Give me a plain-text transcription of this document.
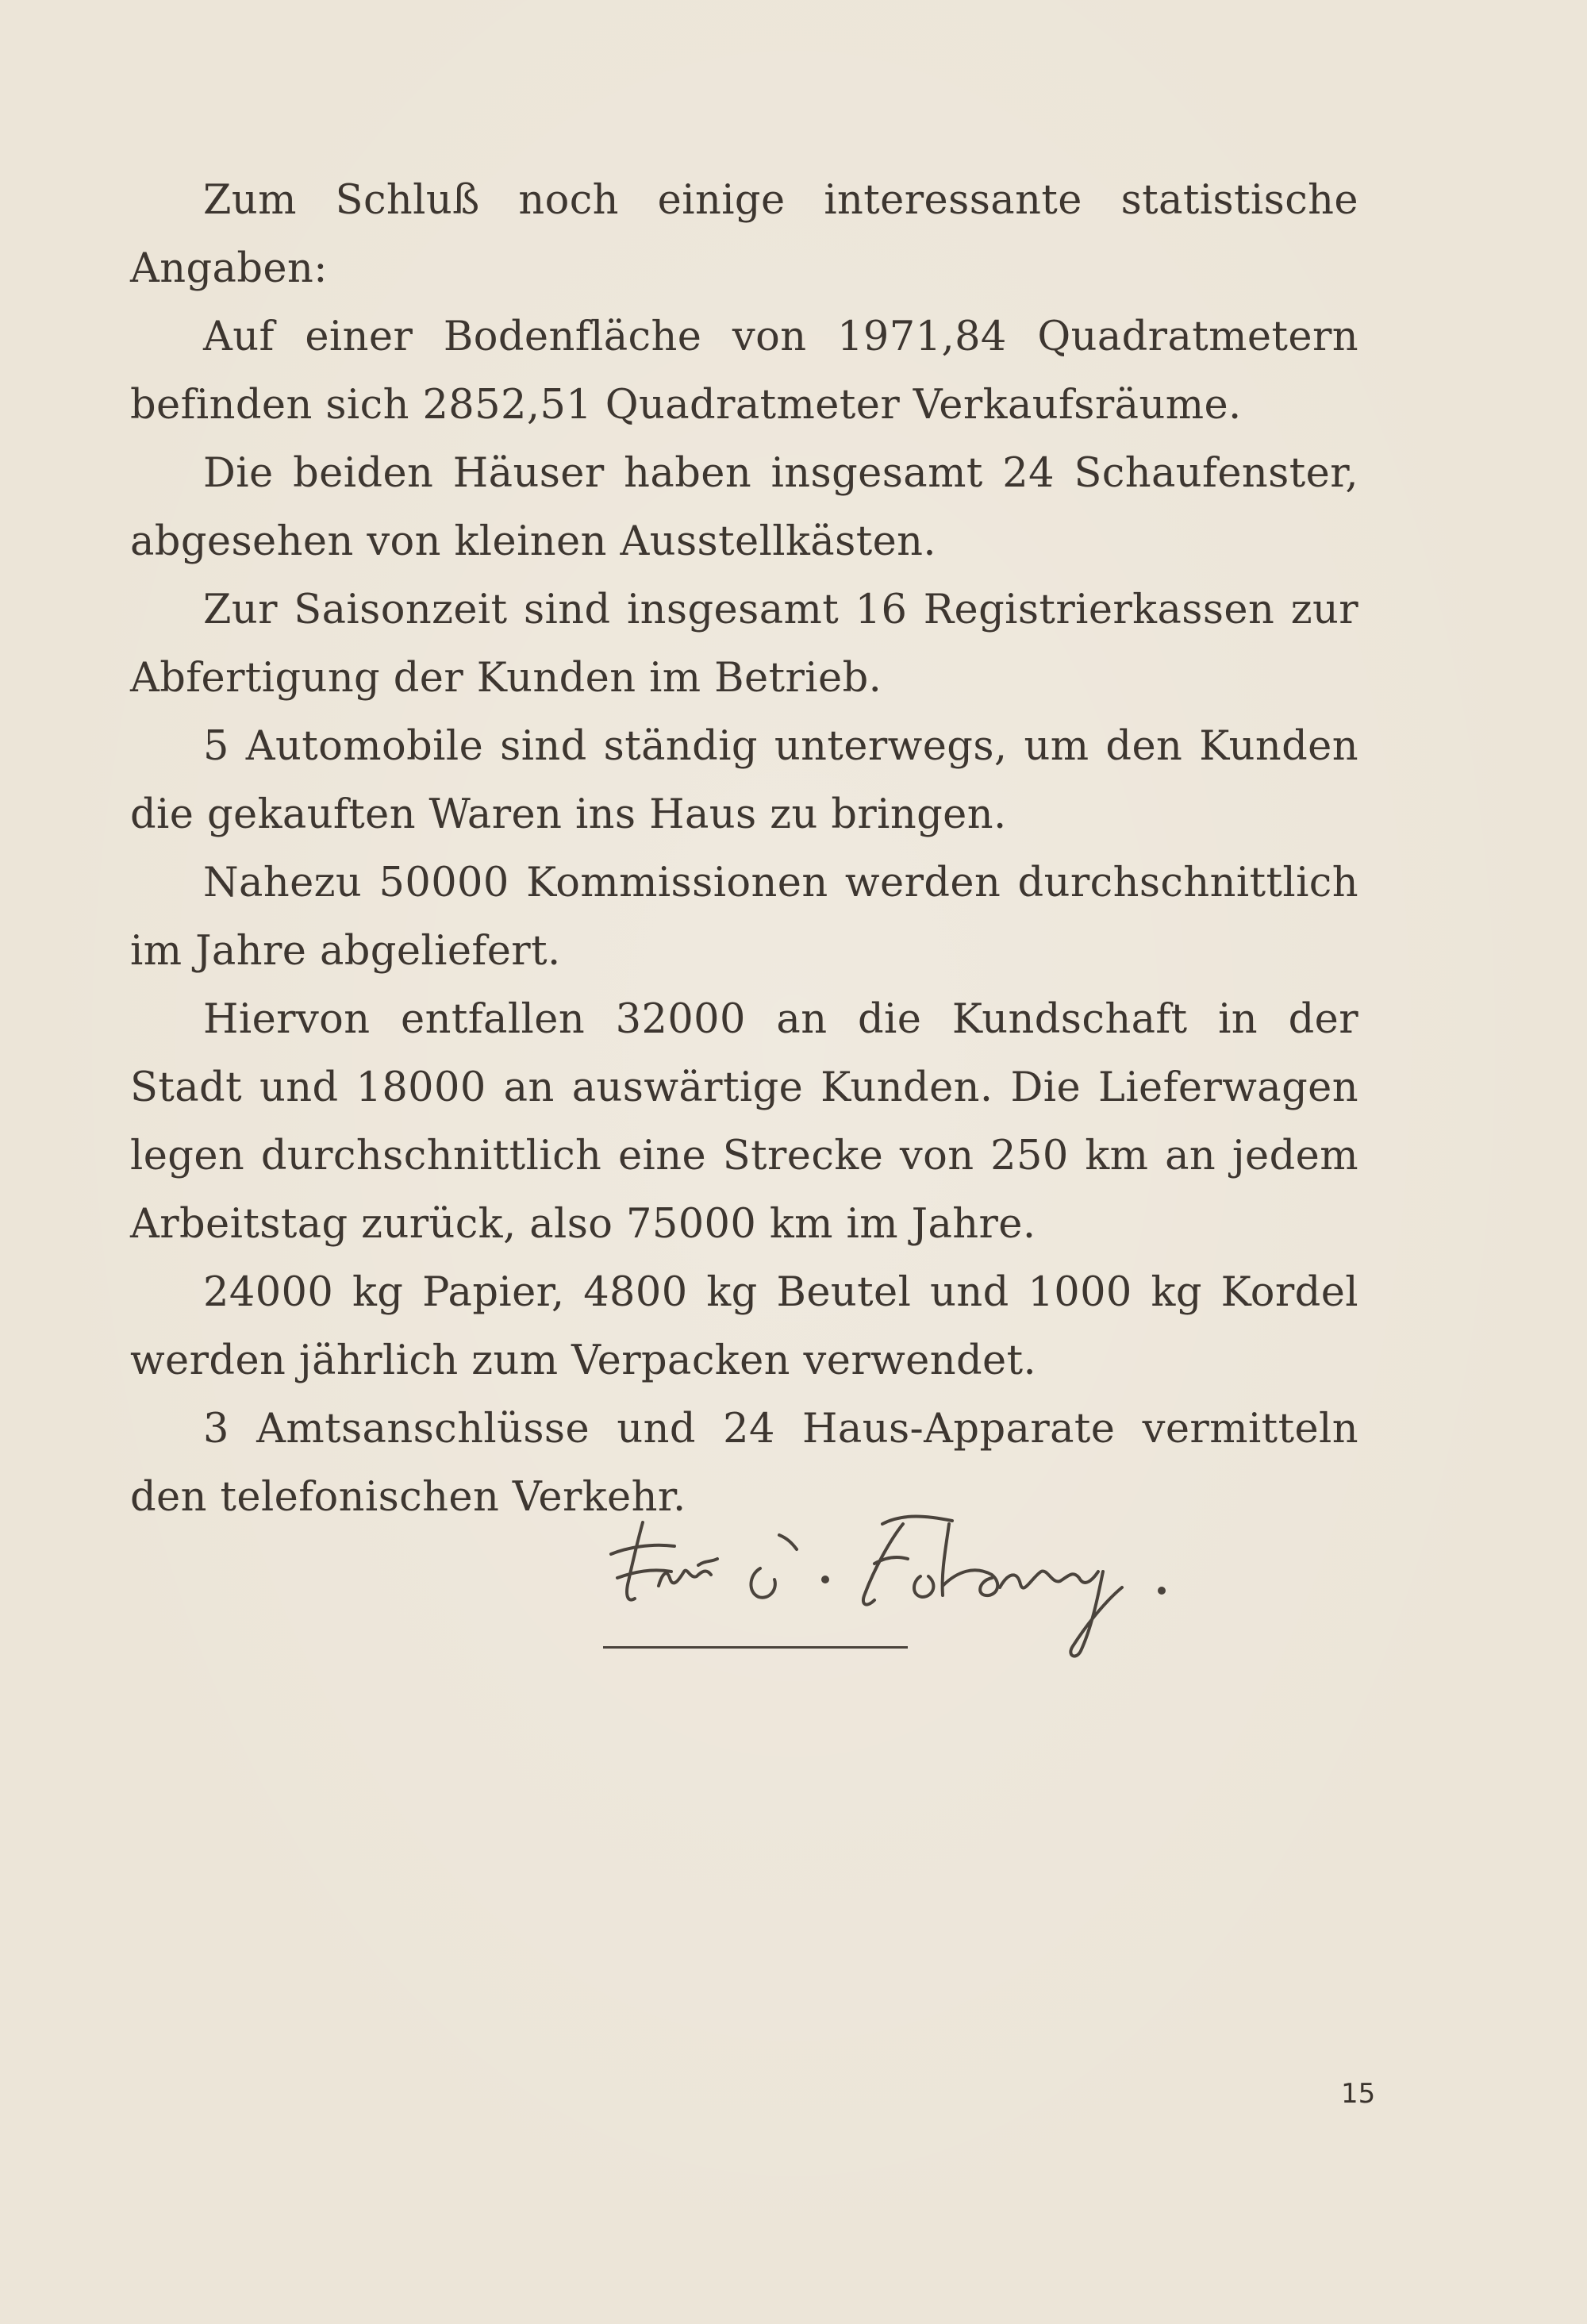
Zum Schluß noch einige interessante statistische Angaben:

Auf einer Bodenfläche von 1971,84 Quadratmetern befinden sich 2852,51 Quadratmeter Verkaufsräume.

Die beiden Häuser haben insgesamt 24 Schaufenster, abgesehen von kleinen Ausstellkästen.

Zur Saisonzeit sind insgesamt 16 Registrierkassen zur Abfertigung der Kunden im Betrieb.

5 Automobile sind ständig unterwegs, um den Kunden die gekauften Waren ins Haus zu bringen.

Nahezu 50000 Kommissionen werden durchschnittlich im Jahre abgeliefert.

Hiervon entfallen 32000 an die Kundschaft in der Stadt und 18000 an auswärtige Kunden. Die Lieferwagen legen durchschnittlich eine Strecke von 250 km an jedem Arbeitstag zurück, also 75000 km im Jahre.

24000 kg Papier, 4800 kg Beutel und 1000 kg Kordel werden jährlich zum Verpacken verwendet.

3 Amtsanschlüsse und 24 Haus-Apparate vermitteln den telefonischen Verkehr.

15
